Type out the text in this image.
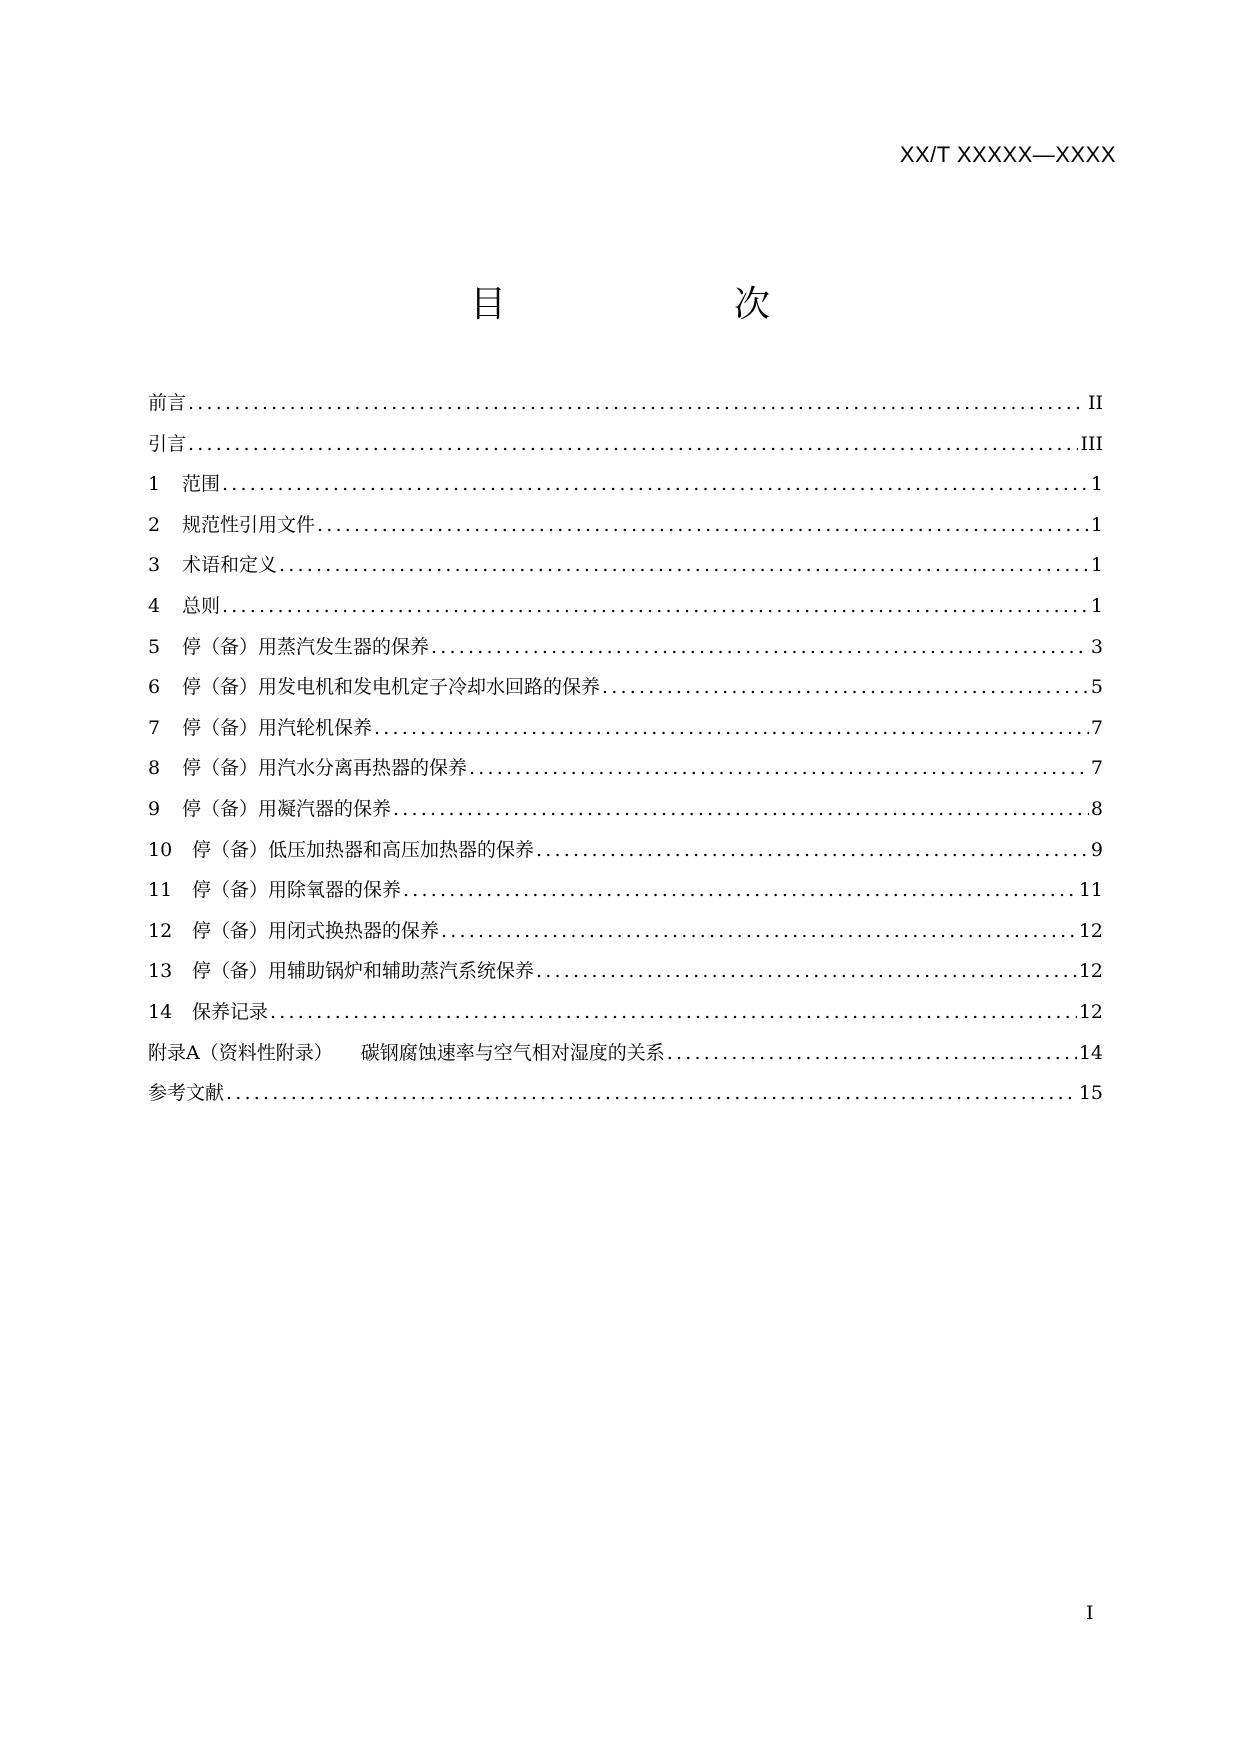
XX/T XXXXX—XXXX
目　　次
前言 .....	II
引言 .....	III
1	范围 .....	1
2	规范性引用文件 .....	1
3	术语和定义 .....	1
4	总则 .....	1
5	停（备）用蒸汽发生器的保养 .....	3
6	停（备）用发电机和发电机定子冷却水回路的保养 .....	5
7	停（备）用汽轮机保养 .....	7
8	停（备）用汽水分离再热器的保养 .....	7
9	停（备）用凝汽器的保养 .....	8
10	停（备）低压加热器和高压加热器的保养 .....	9
11	停（备）用除氧器的保养 .....	11
12	停（备）用闭式换热器的保养 .....	12
13	停（备）用辅助锅炉和辅助蒸汽系统保养 .....	12
14	保养记录 .....	12
附录A（资料性附录）	碳钢腐蚀速率与空气相对湿度的关系 .....	14
参考文献 .....	15
I
